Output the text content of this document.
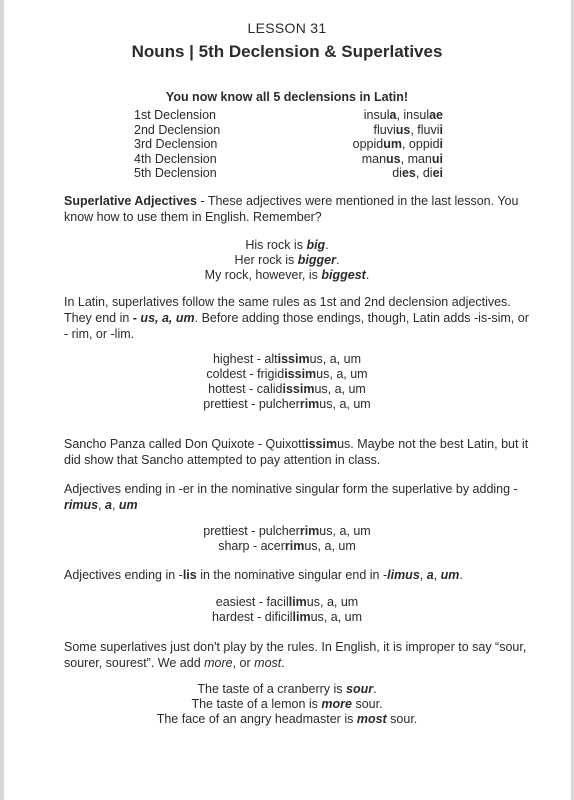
LESSON 31
Nouns | 5th Declension & Superlatives
You now know all 5 declensions in Latin!
1st Declension	insula, insulae
2nd Declension	fluvius, fluvii
3rd Declension	oppidum, oppidi
4th Declension	manus, manui
5th Declension	dies, diei
Superlative Adjectives - These adjectives were mentioned in the last lesson. You know how to use them in English. Remember?
His rock is big.
Her rock is bigger.
My rock, however, is biggest.
In Latin, superlatives follow the same rules as 1st and 2nd declension adjectives. They end in - us, a, um. Before adding those endings, though, Latin adds -is-sim, or - rim, or -lim.
highest - altissimus, a, um
coldest - frigidissimus, a, um
hottest - calidissimus, a, um
prettiest - pulcherrimus, a, um
Sancho Panza called Don Quixote - Quixottissimus. Maybe not the best Latin, but it did show that Sancho attempted to pay attention in class.
Adjectives ending in -er in the nominative singular form the superlative by adding -rimus, a, um
prettiest - pulcherrimus, a, um
sharp - acerrimus, a, um
Adjectives ending in -lis in the nominative singular end in -limus, a, um.
easiest - facillimus, a, um
hardest - dificillimus, a, um
Some superlatives just don't play by the rules. In English, it is improper to say “sour, sourer, sourest”. We add more, or most.
The taste of a cranberry is sour.
The taste of a lemon is more sour.
The face of an angry headmaster is most sour.
